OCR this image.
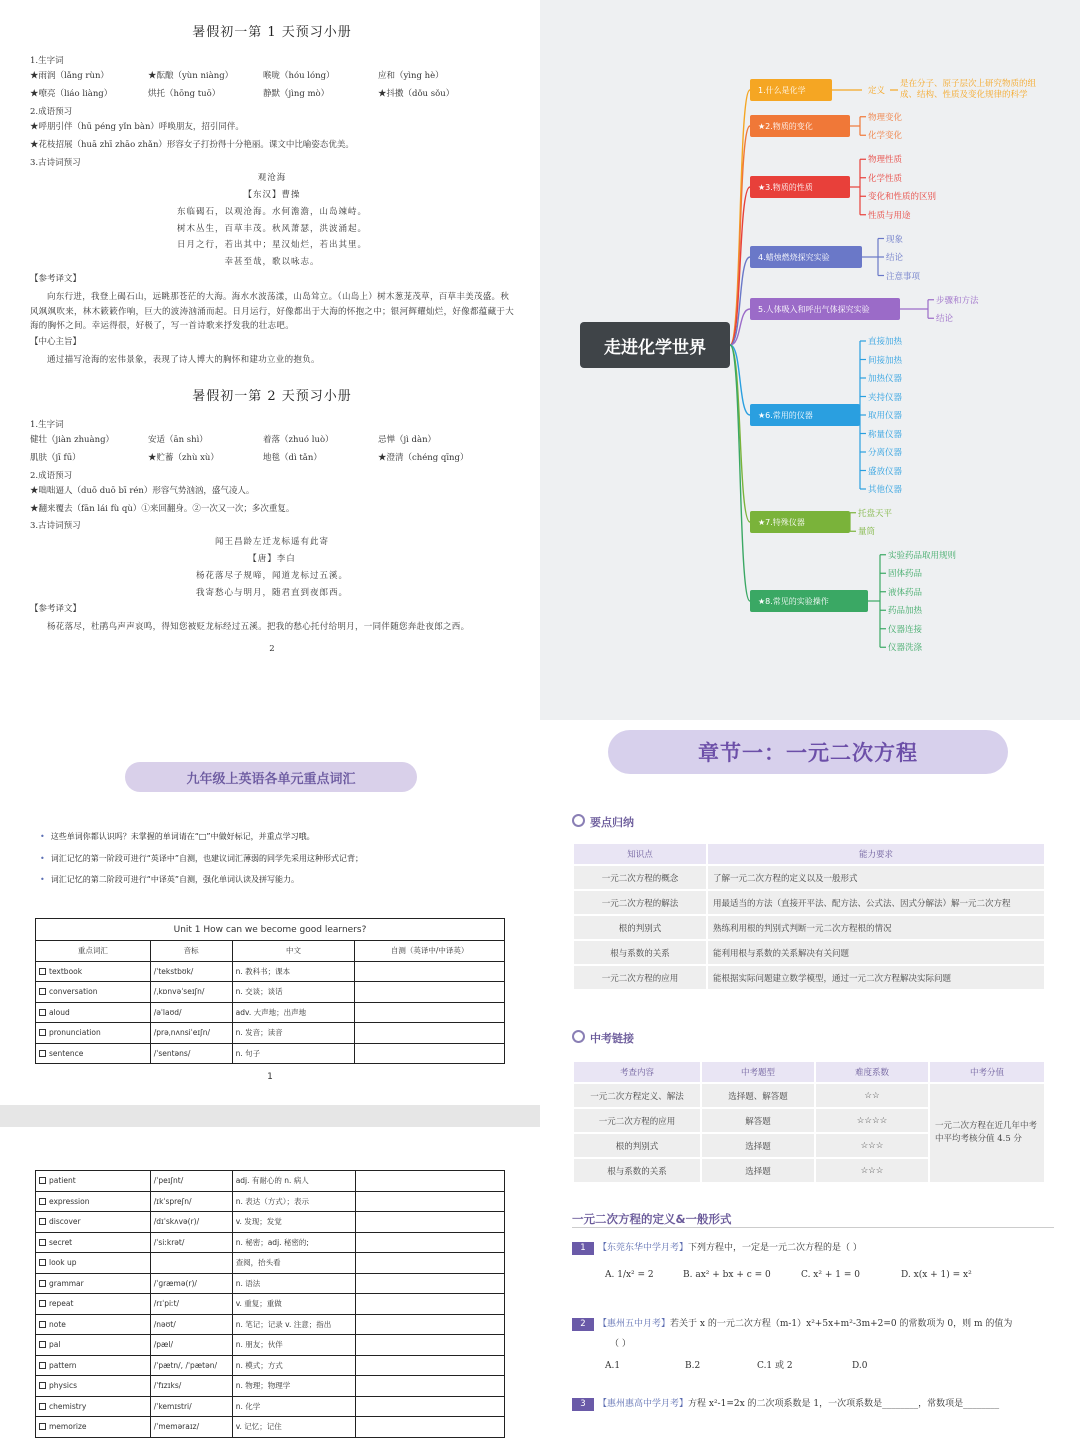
暑假初一第 1 天预习小册
1.生字词
★雨润（lǎng rùn）	★酝酿（yùn niàng）	喉咙（hóu lóng）	应和（yìng hè）
★嘹亮（liáo liàng）	烘托（hōng tuō）	静默（jìng mò）	★抖擞（dǒu sǒu）
2.成语预习
★呼朋引伴（hū péng yǐn bàn）呼唤朋友，招引同伴。
★花枝招展（huā zhī zhāo zhǎn）形容女子打扮得十分艳丽。课文中比喻姿态优美。
3.古诗词预习
观沧海
【东汉】曹操
东临碣石，以观沧海。水何澹澹，山岛竦峙。
树木丛生，百草丰茂。秋风萧瑟，洪波涌起。
日月之行，若出其中；星汉灿烂，若出其里。
幸甚至哉，歌以咏志。
【参考译文】
向东行进，我登上碣石山，远眺那苍茫的大海。海水水波荡漾，山岛耸立。（山岛上）树木葱茏茂草，百草丰美茂盛。秋风飒飒吹来，林木簌簌作响，巨大的波涛汹涌而起。日月运行，好像都出于大海的怀抱之中；银河辉耀灿烂，好像都蕴藏于大海的胸怀之间。幸运得很，好极了，写一首诗歌来抒发我的壮志吧。
【中心主旨】
通过描写沧海的宏伟景象，表现了诗人博大的胸怀和建功立业的抱负。
暑假初一第 2 天预习小册
1.生字词
健壮（jiàn zhuàng）	安适（ān shì）	着落（zhuó luò）	忌惮（jì dàn）
肌肤（jī fū）	★贮蓄（zhù xù）	地毯（dì tǎn）	★澄清（chéng qīng）
2.成语预习
★咄咄逼人（duō duō bī rén）形容气势汹汹，盛气凌人。
★翻来覆去（fān lái fù qù）①来回翻身。②一次又一次；多次重复。
3.古诗词预习
闻王昌龄左迁龙标遥有此寄
【唐】李白
杨花落尽子规啼，闻道龙标过五溪。
我寄愁心与明月，随君直到夜郎西。
【参考译文】
杨花落尽，杜鹃鸟声声哀鸣，得知您被贬龙标经过五溪。把我的愁心托付给明月，一同伴随您奔赴夜郎之西。
2
走进化学世界
1.什么是化学	定义
是在分子、原子层次上研究物质的组成、结构、性质及变化规律的科学
★2.物质的变化
物理变化
化学变化
★3.物质的性质
物理性质
化学性质
变化和性质的区别
性质与用途
4.蜡烛燃烧探究实验
现象
结论
注意事项
5.人体吸入和呼出气体探究实验
步骤和方法
结论
★6.常用的仪器
直接加热
间接加热
加热仪器
夹持仪器
取用仪器
称量仪器
分离仪器
盛放仪器
其他仪器
★7.特殊仪器
托盘天平
量筒
★8.常见的实验操作
实验药品取用规则
固体药品
液体药品
药品加热
仪器连接
仪器洗涤
九年级上英语各单元重点词汇
• 这些单词你都认识吗？未掌握的单词请在“□”中做好标记，并重点学习哦。
• 词汇记忆的第一阶段可进行“英译中”自测，也建议词汇薄弱的同学先采用这种形式记背；
• 词汇记忆的第二阶段可进行“中译英”自测，强化单词认读及拼写能力。
Unit 1 How can we become good learners?			
重点词汇	音标	中文	自测（英译中/中译英）
textbook	/ˈtekstbʊk/	n. 教科书；课本	
conversation	/ˌkɒnvəˈseɪʃn/	n. 交谈；谈话	
aloud	/əˈlaʊd/	adv. 大声地；出声地	
pronunciation	/prəˌnʌnsiˈeɪʃn/	n. 发音；读音	
sentence	/ˈsentəns/	n. 句子	
1
patient	/ˈpeɪʃnt/	adj. 有耐心的 n. 病人	
expression	/ɪkˈspreʃn/	n. 表达（方式）；表示	
discover	/dɪˈskʌvə(r)/	v. 发现；发觉	
secret	/ˈsiːkrət/	n. 秘密；adj. 秘密的;	
look up		查阅，抬头看	
grammar	/ˈɡræmə(r)/	n. 语法	
repeat	/rɪˈpiːt/	v. 重复；重做	
note	/nəʊt/	n. 笔记；记录 v. 注意；指出	
pal	/pæl/	n. 朋友；伙伴	
pattern	/ˈpætn/, /ˈpætən/	n. 模式；方式	
physics	/ˈfɪzɪks/	n. 物理；物理学	
chemistry	/ˈkemɪstri/	n. 化学	
memorize	/ˈmeməraɪz/	v. 记忆；记住	
章节一：一元二次方程
要点归纳
知识点	能力要求
一元二次方程的概念	了解一元二次方程的定义以及一般形式
一元二次方程的解法	用最适当的方法（直接开平法、配方法、公式法、因式分解法）解一元二次方程
根的判别式	熟练利用根的判别式判断一元二次方程根的情况
根与系数的关系	能利用根与系数的关系解决有关问题
一元二次方程的应用	能根据实际问题建立数学模型，通过一元二次方程解决实际问题
中考链接
考查内容	中考题型	难度系数	中考分值
一元二次方程定义、解法	选择题、解答题	☆☆	一元二次方程在近几年中考中平均考核分值 4.5 分
一元二次方程的应用	解答题	☆☆☆☆	
根的判别式	选择题	☆☆☆	
根与系数的关系	选择题	☆☆☆	
一元二次方程的定义&一般形式
1 【东莞东华中学月考】下列方程中，一定是一元二次方程的是（ ）
A. 1/x² = 2	B. ax² + bx + c = 0	C. x² + 1 = 0	D. x(x + 1) = x²
2 【惠州五中月考】若关于 x 的一元二次方程（m-1）x²+5x+m²-3m+2=0 的常数项为 0，则 m 的值为
（ ）
A.1	B.2	C.1 或 2	D.0
3 【惠州惠高中学月考】方程 x²-1=2x 的二次项系数是 1，一次项系数是________，常数项是________
